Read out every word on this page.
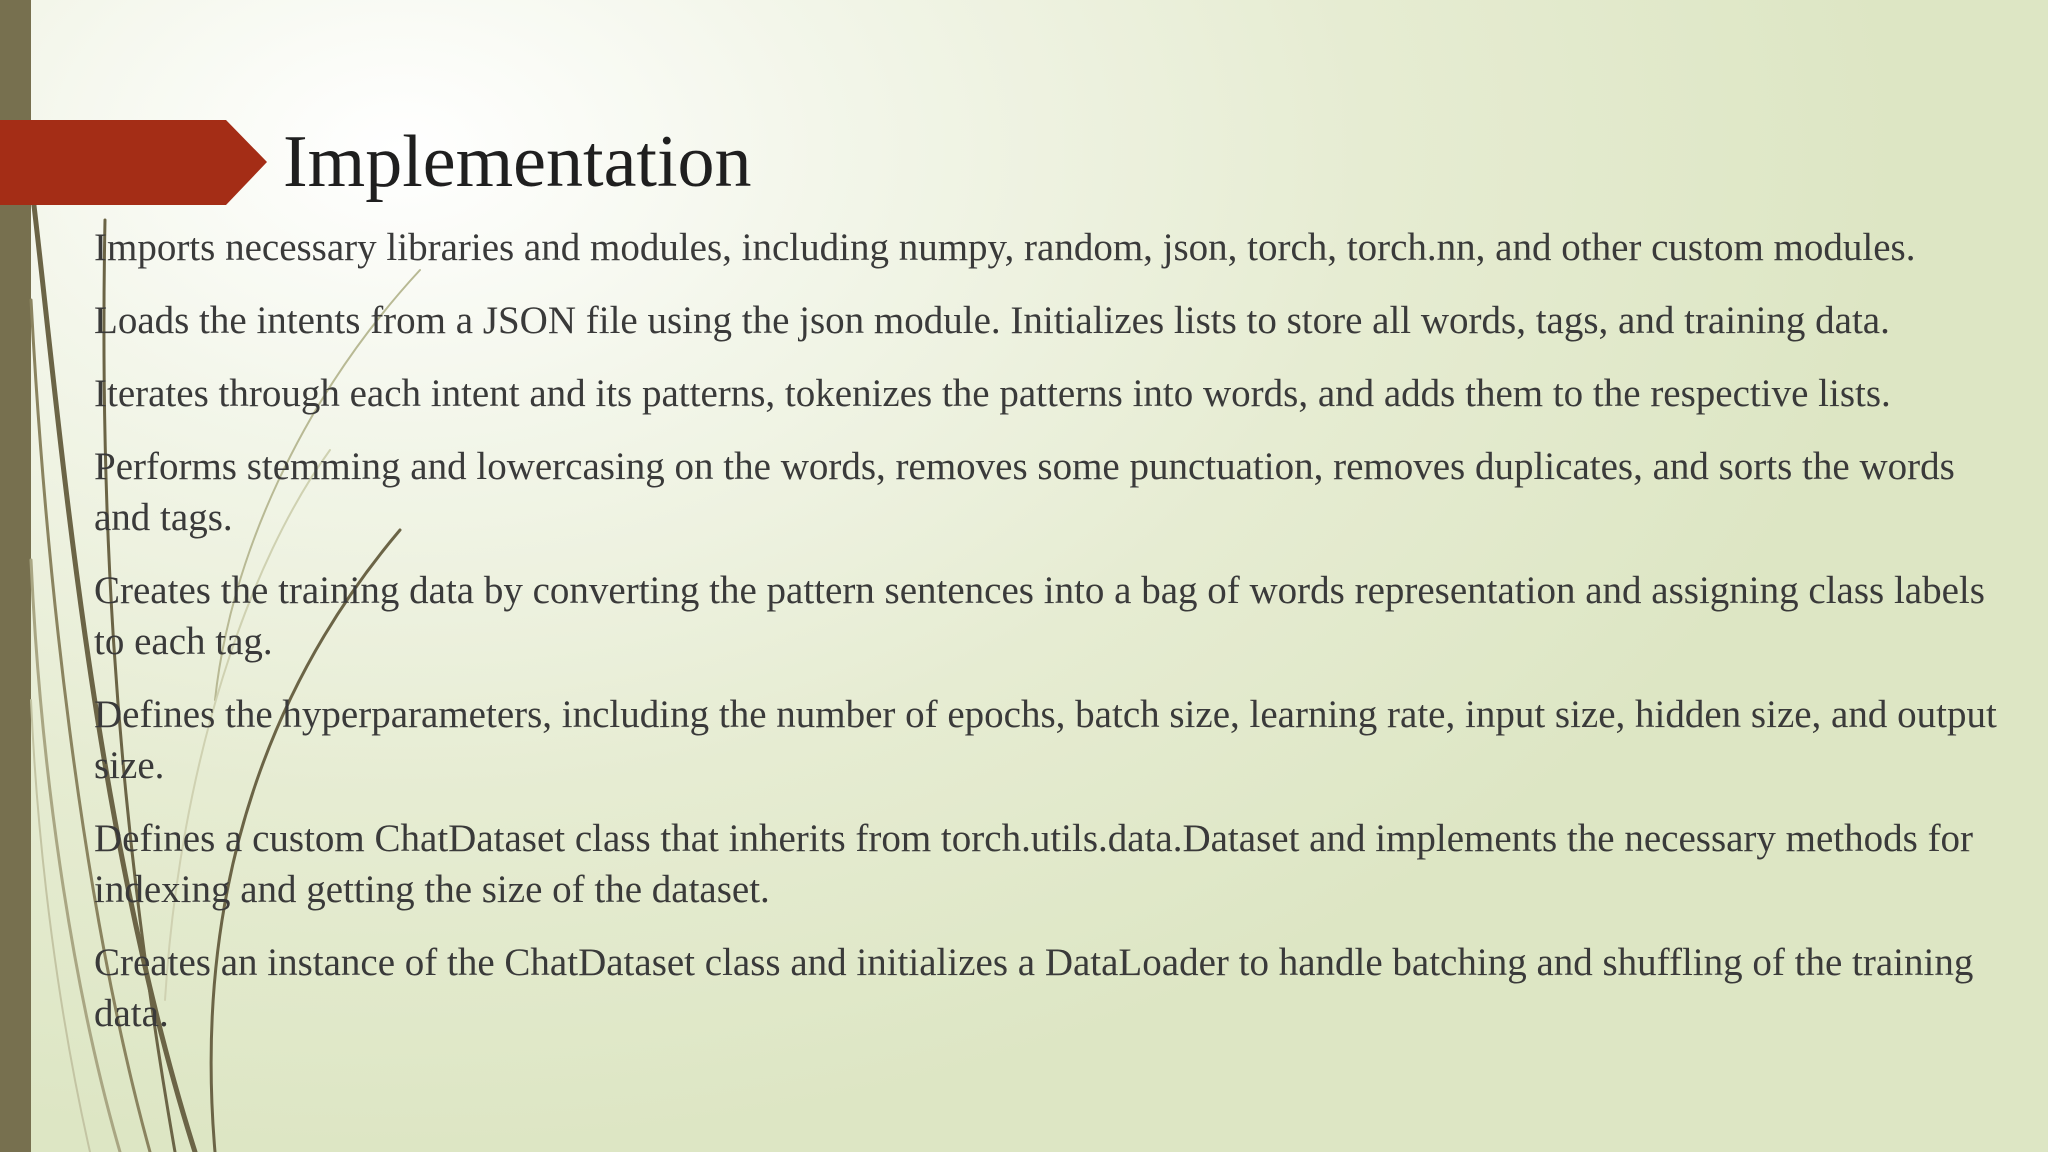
Implementation
Imports necessary libraries and modules, including numpy, random, json, torch, torch.nn, and other custom modules.
Loads the intents from a JSON file using the json module. Initializes lists to store all words, tags, and training data.
Iterates through each intent and its patterns, tokenizes the patterns into words, and adds them to the respective lists.
Performs stemming and lowercasing on the words, removes some punctuation, removes duplicates, and sorts the words and tags.
Creates the training data by converting the pattern sentences into a bag of words representation and assigning class labels to each tag.
Defines the hyperparameters, including the number of epochs, batch size, learning rate, input size, hidden size, and output size.
Defines a custom ChatDataset class that inherits from torch.utils.data.Dataset and implements the necessary methods for indexing and getting the size of the dataset.
Creates an instance of the ChatDataset class and initializes a DataLoader to handle batching and shuffling of the training data.
